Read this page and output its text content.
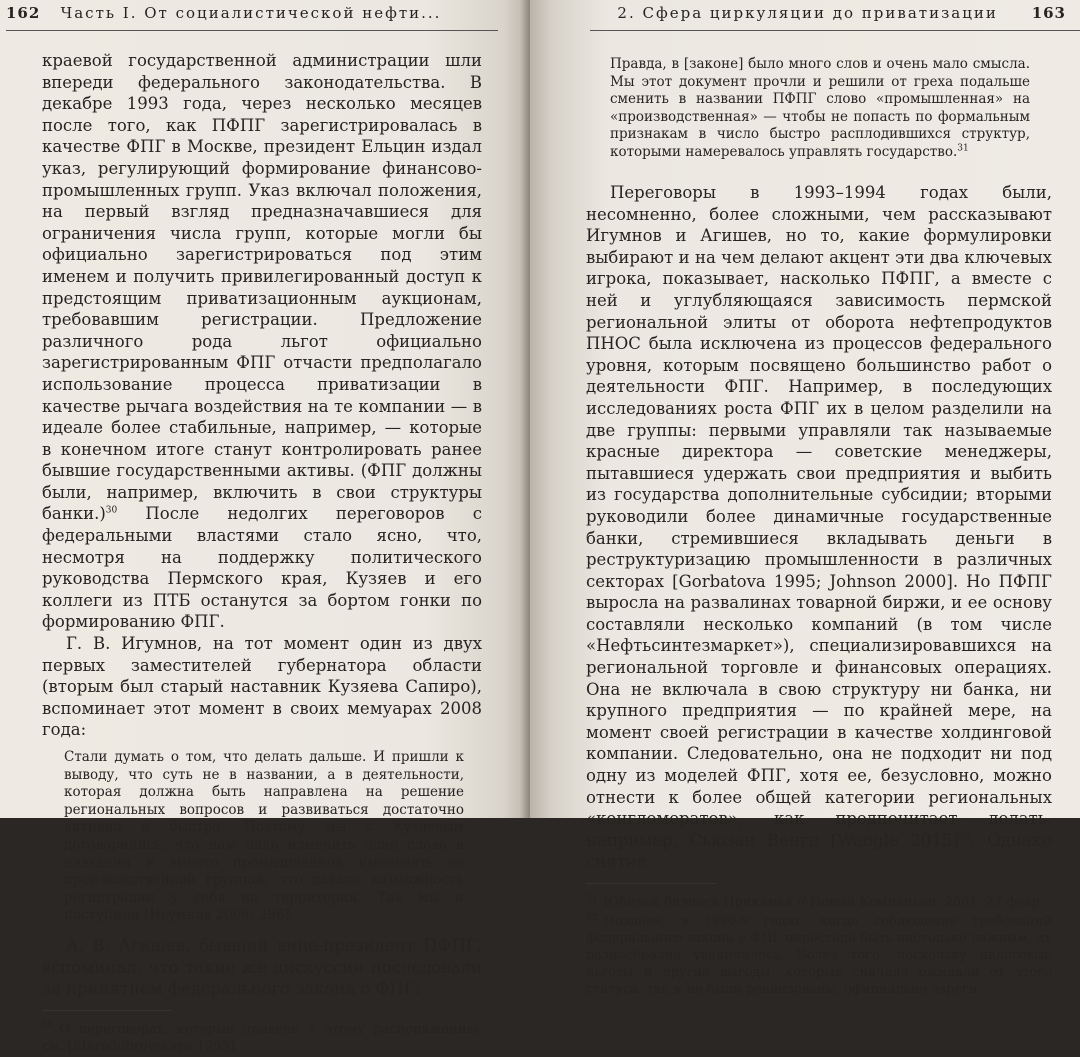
162 Часть I. От социалистической нефти...

краевой государственной администрации шли впереди федерального законодательства. В декабре 1993 года, через несколько месяцев после того, как ПФПГ зарегистрировалась в качестве ФПГ в Москве, президент Ельцин издал указ, регулирующий формирование финансово-промышленных групп. Указ включал положения, на первый взгляд предназначавшиеся для ограничения числа групп, которые могли бы официально зарегистрироваться под этим именем и получить привилегированный доступ к предстоящим приватизационным аукционам, требовавшим регистрации. Предложение различного рода льгот официально зарегистрированным ФПГ отчасти предполагало использование процесса приватизации в качестве рычага воздействия на те компании — в идеале более стабильные, например, — которые в конечном итоге станут контролировать ранее бывшие государственными активы. (ФПГ должны были, например, включить в свои структуры банки.)$^{30}$ После недолгих переговоров с федеральными властями стало ясно, что, несмотря на поддержку политического руководства Пермского края, Кузяев и его коллеги из ПТБ останутся за бортом гонки по формированию ФПГ.

Г. В. Игумнов, на тот момент один из двух первых заместителей губернатора области (вторым был старый наставник Кузяева Сапиро), вспоминает этот момент в своих мемуарах 2008 года:

Стали думать о том, что делать дальше. И пришли к выводу, что суть не в названии, а в деятельности, которая должна быть направлена на решение региональных вопросов и развиваться достаточно активно и быстро. Поэтому мы с Кузяевым договорились, что нам надо изменить одно слово в названии и вместо промышленной именовать ее производственной группой, что давало возможность регистрации у себя на территории. Так мы и поступили [Игумнов 2008: 296].

А. В. Агишев, бывший вице-президент ПФПГ, вспоминал, что такие же дискуссии последовали за принятием федерального закона о ФПГ:

$^{30}$ О переговорах, которые привели к этому распоряжению, см. [Starodubrovskaya 1995].
2. Сфера циркуляции до приватизации 163
Правда, в [законе] было много слов и очень мало смысла. Мы этот документ прочли и решили от греха подальше сменить в названии ПФПГ слово «промышленная» на «производственная» — чтобы не попасть по формальным признакам в число быстро расплодившихся структур, которыми намеревалось управлять государство.$^{31}$

Переговоры в 1993–1994 годах были, несомненно, более сложными, чем рассказывают Игумнов и Агишев, но то, какие формулировки выбирают и на чем делают акцент эти два ключевых игрока, показывает, насколько ПФПГ, а вместе с ней и углубляющаяся зависимость пермской региональной элиты от оборота нефтепродуктов ПНОС была исключена из процессов федерального уровня, которым посвящено большинство работ о деятельности ФПГ. Например, в последующих исследованиях роста ФПГ их в целом разделили на две группы: первыми управляли так называемые красные директора — советские менеджеры, пытавшиеся удержать свои предприятия и выбить из государства дополнительные субсидии; вторыми руководили более динамичные государственные банки, стремившиеся вкладывать деньги в реструктуризацию промышленности в различных секторах [Gorbatova 1995; Johnson 2000]. Но ПФПГ выросла на развалинах товарной биржи, и ее основу составляли несколько компаний (в том числе «Нефтьсинтезмаркет»), специализировавшихся на региональной торговле и финансовых операциях. Она не включала в свою структуру ни банка, ни крупного предприятия — по крайней мере, на момент своей регистрации в качестве холдинговой компании. Следовательно, она не подходит ни под одну из моделей ФПГ, хотя ее, безусловно, можно отнести к более общей категории региональных «конгломератов», как предпочитает делать, например, Сьюзан Венгл [Wengle 2015]$^{32}$. Однако снятие

$^{31}$ Юбилей бизнеса Прикамья // Новый Компаньон. 2001. 27 февр.
$^{32}$ Позднее, в 1990-х годах, когда соблюдение требований федерального закона о ФПГ перестало быть настолько важным, их разнообразие увеличилось. Более того, поскольку налоговые льготы и другие выгоды, которых сначала ожидали от этого статуса, так и не были реализованы, официально зареги-
